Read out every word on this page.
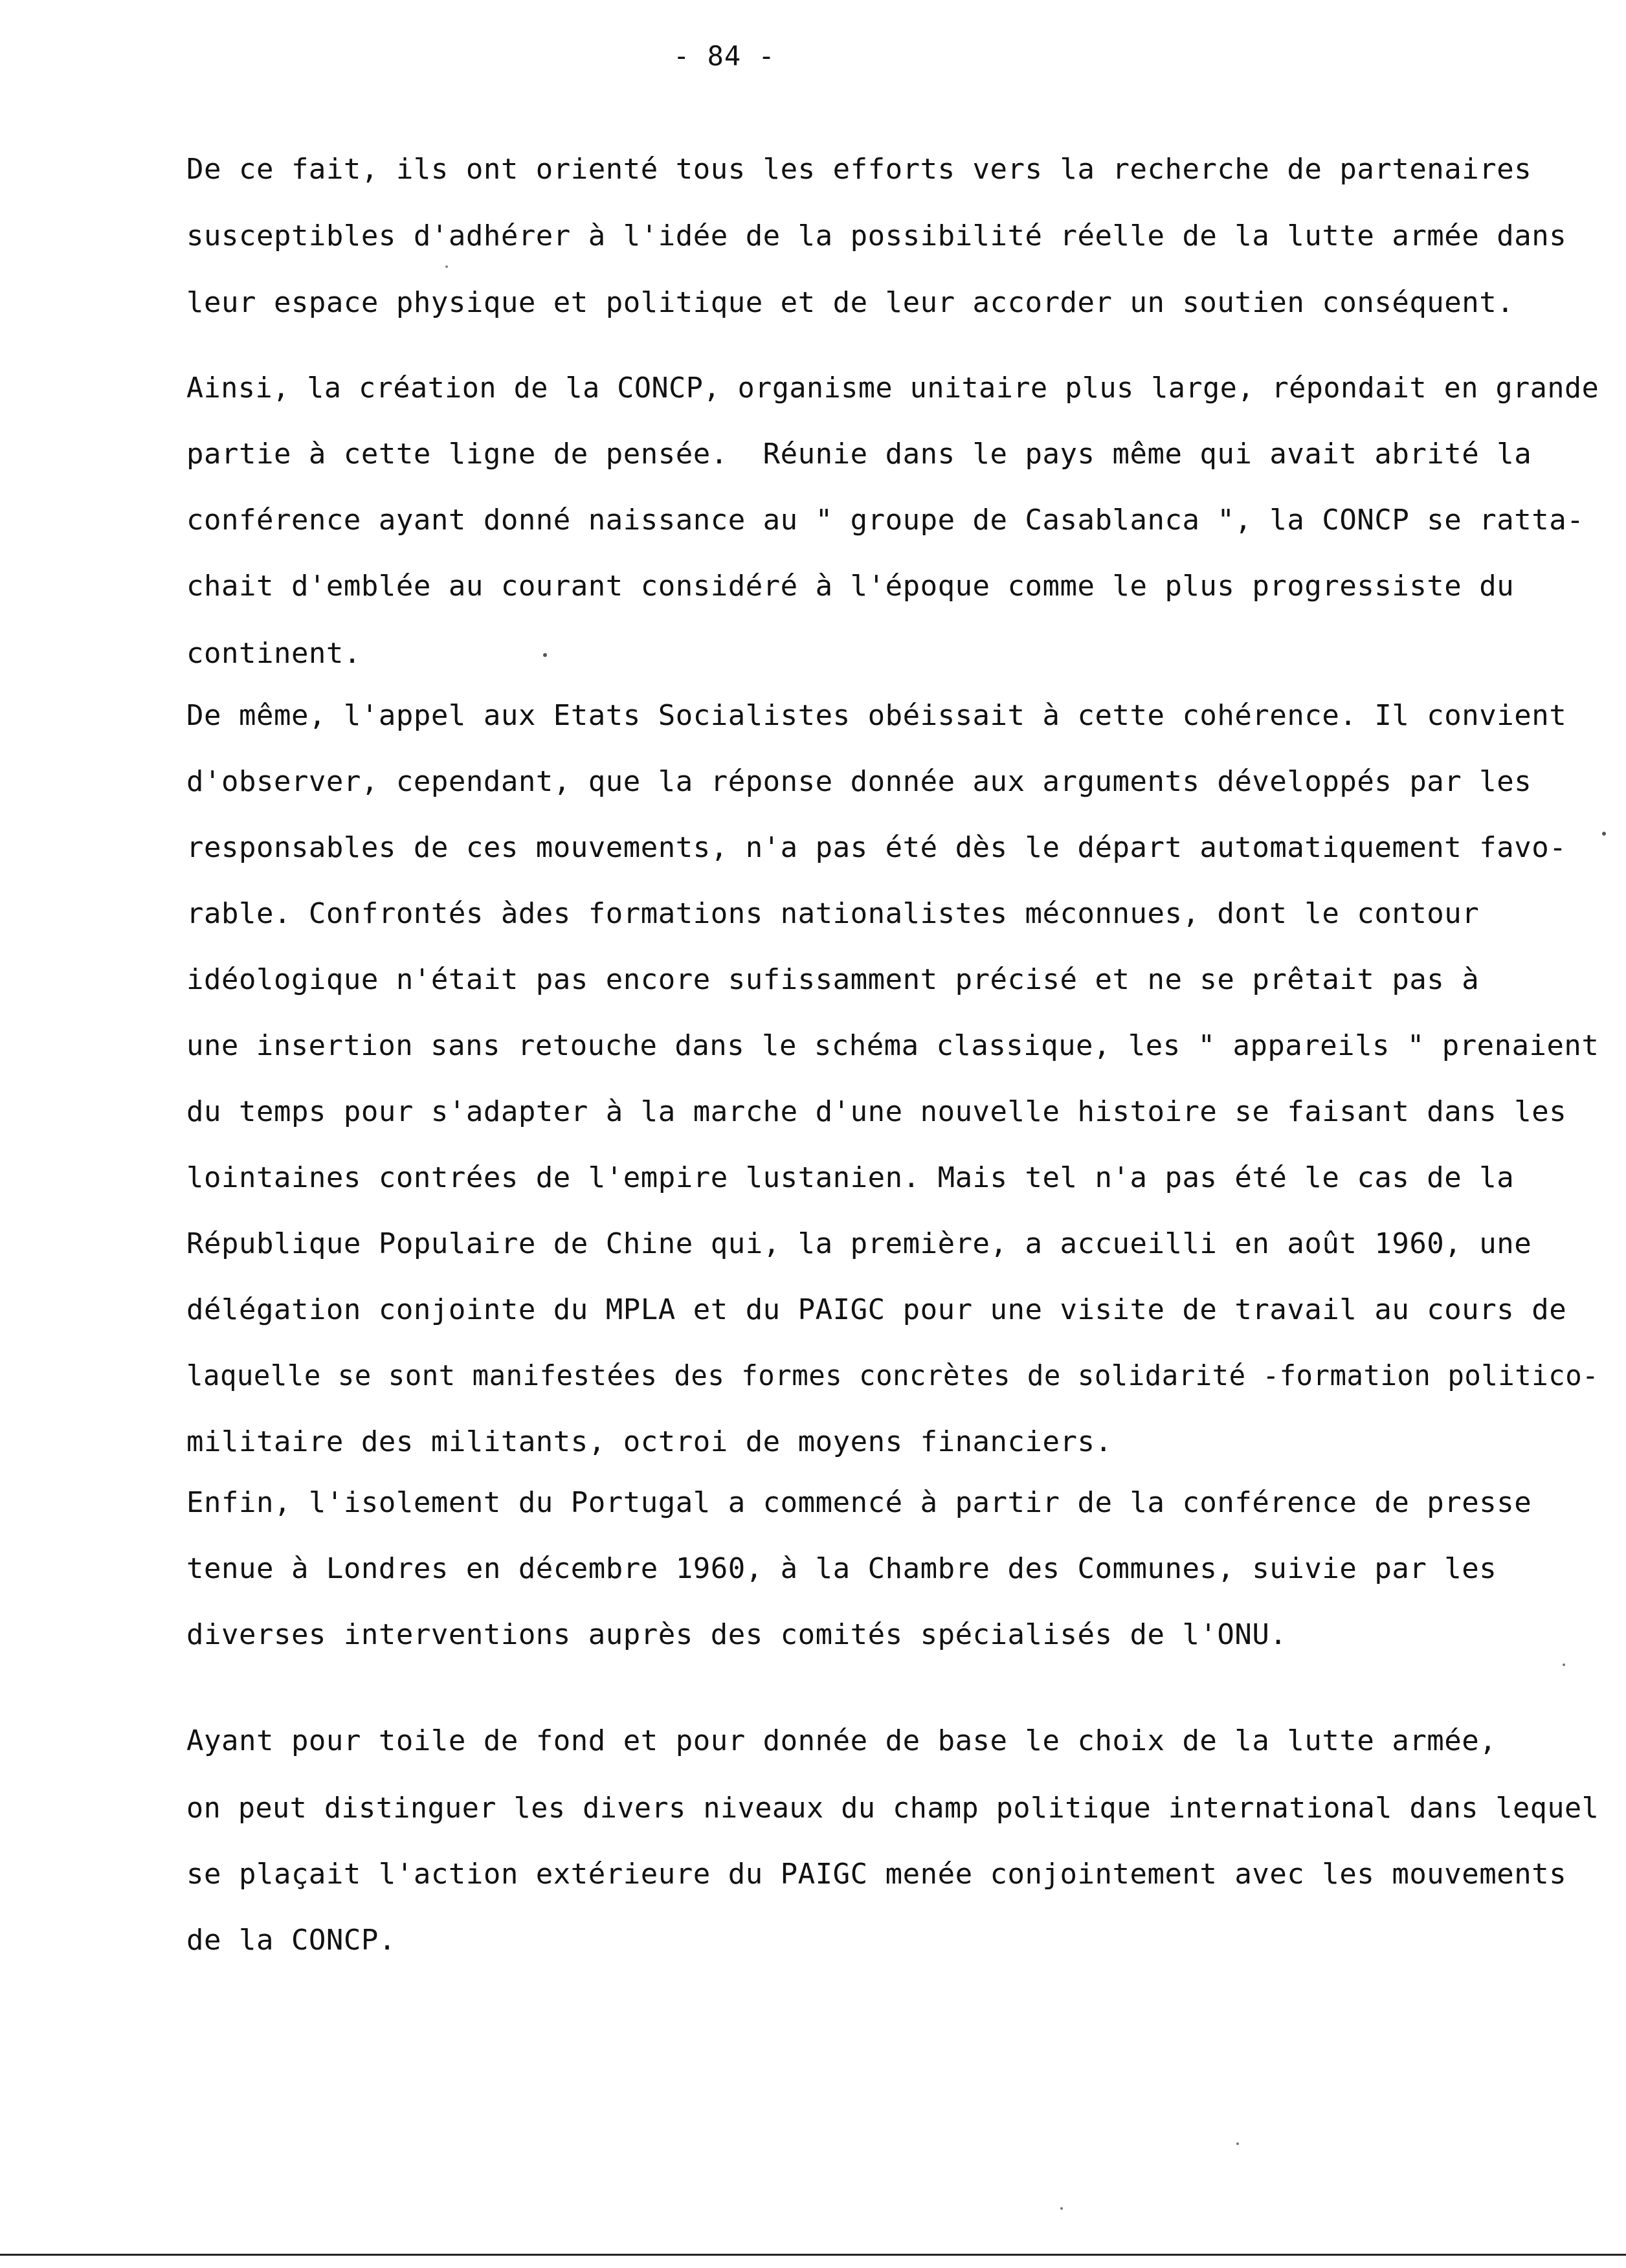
- 84 -
De ce fait, ils ont orienté tous les efforts vers la recherche de partenaires
susceptibles d'adhérer à l'idée de la possibilité réelle de la lutte armée dans
leur espace physique et politique et de leur accorder un soutien conséquent.
Ainsi, la création de la CONCP, organisme unitaire plus large, répondait en grande
partie à cette ligne de pensée.  Réunie dans le pays même qui avait abrité la
conférence ayant donné naissance au " groupe de Casablanca ", la CONCP se ratta-
chait d'emblée au courant considéré à l'époque comme le plus progressiste du
continent.
De même, l'appel aux Etats Socialistes obéissait à cette cohérence. Il convient
d'observer, cependant, que la réponse donnée aux arguments développés par les
responsables de ces mouvements, n'a pas été dès le départ automatiquement favo-
rable. Confrontés àdes formations nationalistes méconnues, dont le contour
idéologique n'était pas encore sufissamment précisé et ne se prêtait pas à
une insertion sans retouche dans le schéma classique, les " appareils " prenaient
du temps pour s'adapter à la marche d'une nouvelle histoire se faisant dans les
lointaines contrées de l'empire lustanien. Mais tel n'a pas été le cas de la
République Populaire de Chine qui, la première, a accueilli en août 1960, une
délégation conjointe du MPLA et du PAIGC pour une visite de travail au cours de
laquelle se sont manifestées des formes concrètes de solidarité -formation politico-
militaire des militants, octroi de moyens financiers.
Enfin, l'isolement du Portugal a commencé à partir de la conférence de presse
tenue à Londres en décembre 1960, à la Chambre des Communes, suivie par les
diverses interventions auprès des comités spécialisés de l'ONU.
Ayant pour toile de fond et pour donnée de base le choix de la lutte armée,
on peut distinguer les divers niveaux du champ politique international dans lequel
se plaçait l'action extérieure du PAIGC menée conjointement avec les mouvements
de la CONCP.
